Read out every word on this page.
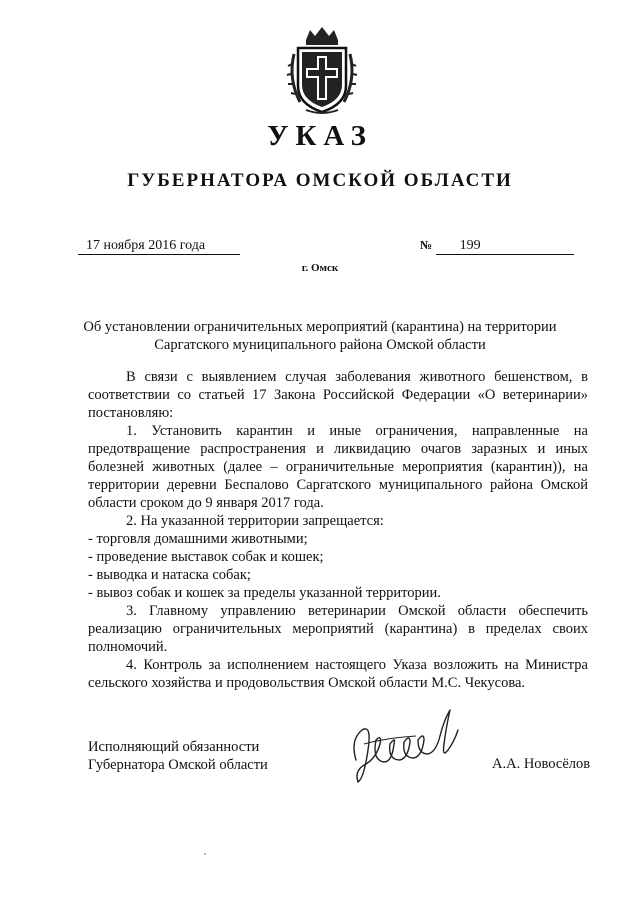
УКАЗ
ГУБЕРНАТОРА ОМСКОЙ ОБЛАСТИ
17 ноября 2016 года	№ 199
г. Омск
Об установлении ограничительных мероприятий (карантина) на территории
Саргатского муниципального района Омской области

В связи с выявлением случая заболевания животного бешенством, в соответствии со статьей 17 Закона Российской Федерации «О ветеринарии» постановляю:

1. Установить карантин и иные ограничения, направленные на предотвращение распространения и ликвидацию очагов заразных и иных болезней животных (далее – ограничительные мероприятия (карантин)), на территории деревни Беспалово Саргатского муниципального района Омской области сроком до 9 января 2017 года.

2. На указанной территории запрещается:

- торговля домашними животными;

- проведение выставок собак и кошек;

- выводка и натаска собак;

- вывоз собак и кошек за пределы указанной территории.

3. Главному управлению ветеринарии Омской области обеспечить реализацию ограничительных мероприятий (карантина) в пределах своих полномочий.

4. Контроль за исполнением настоящего Указа возложить на Министра сельского хозяйства и продовольствия Омской области М.С. Чекусова.

Исполняющий обязанности
Губернатора Омской области	А.А. Новосёлов
